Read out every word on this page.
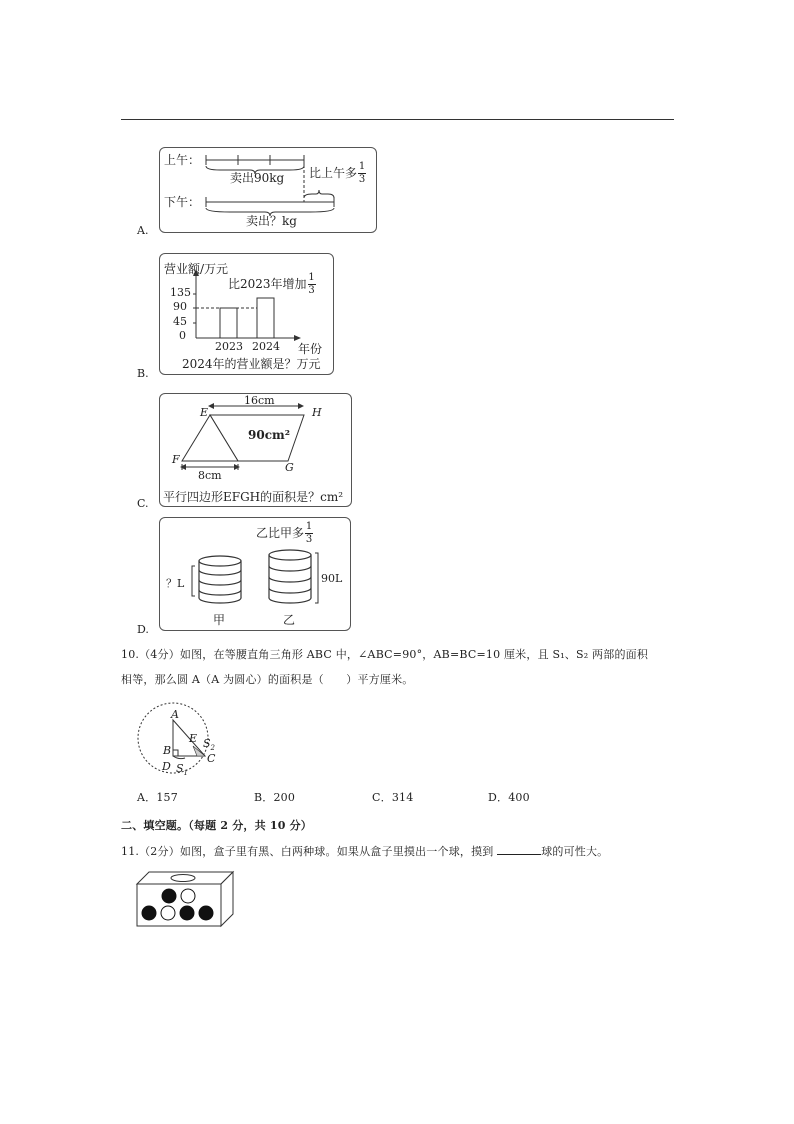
上午：
卖出90kg
下午：
比上午多 $\frac{1}{3}$
卖出？kg
A.
营业额/万元
比2023年增加 $\frac{1}{3}$
135
90
45
0
2023 2024 年份
2024年的营业额是？万元
B.
16cm
E	H
90cm²
F
G
8cm
平行四边形EFGH的面积是？cm²
C.
乙比甲多 $\frac{1}{3}$
？L	90L
甲	乙
D.
10.（4分）如图，在等腰直角三角形 ABC 中，∠ABC=90°，AB=BC=10 厘米，且 S₁、S₂ 两部的面积
相等，那么圆 A（A 为圆心）的面积是（　　）平方厘米。
A
B
D
E
C
$S_2$
$S_1$
A．157	B．200	C．314	D．400
二、填空题。（每题 2 分，共 10 分）
11.（2分）如图，盒子里有黑、白两种球。如果从盒子里摸出一个球，摸到	球的可性大。
